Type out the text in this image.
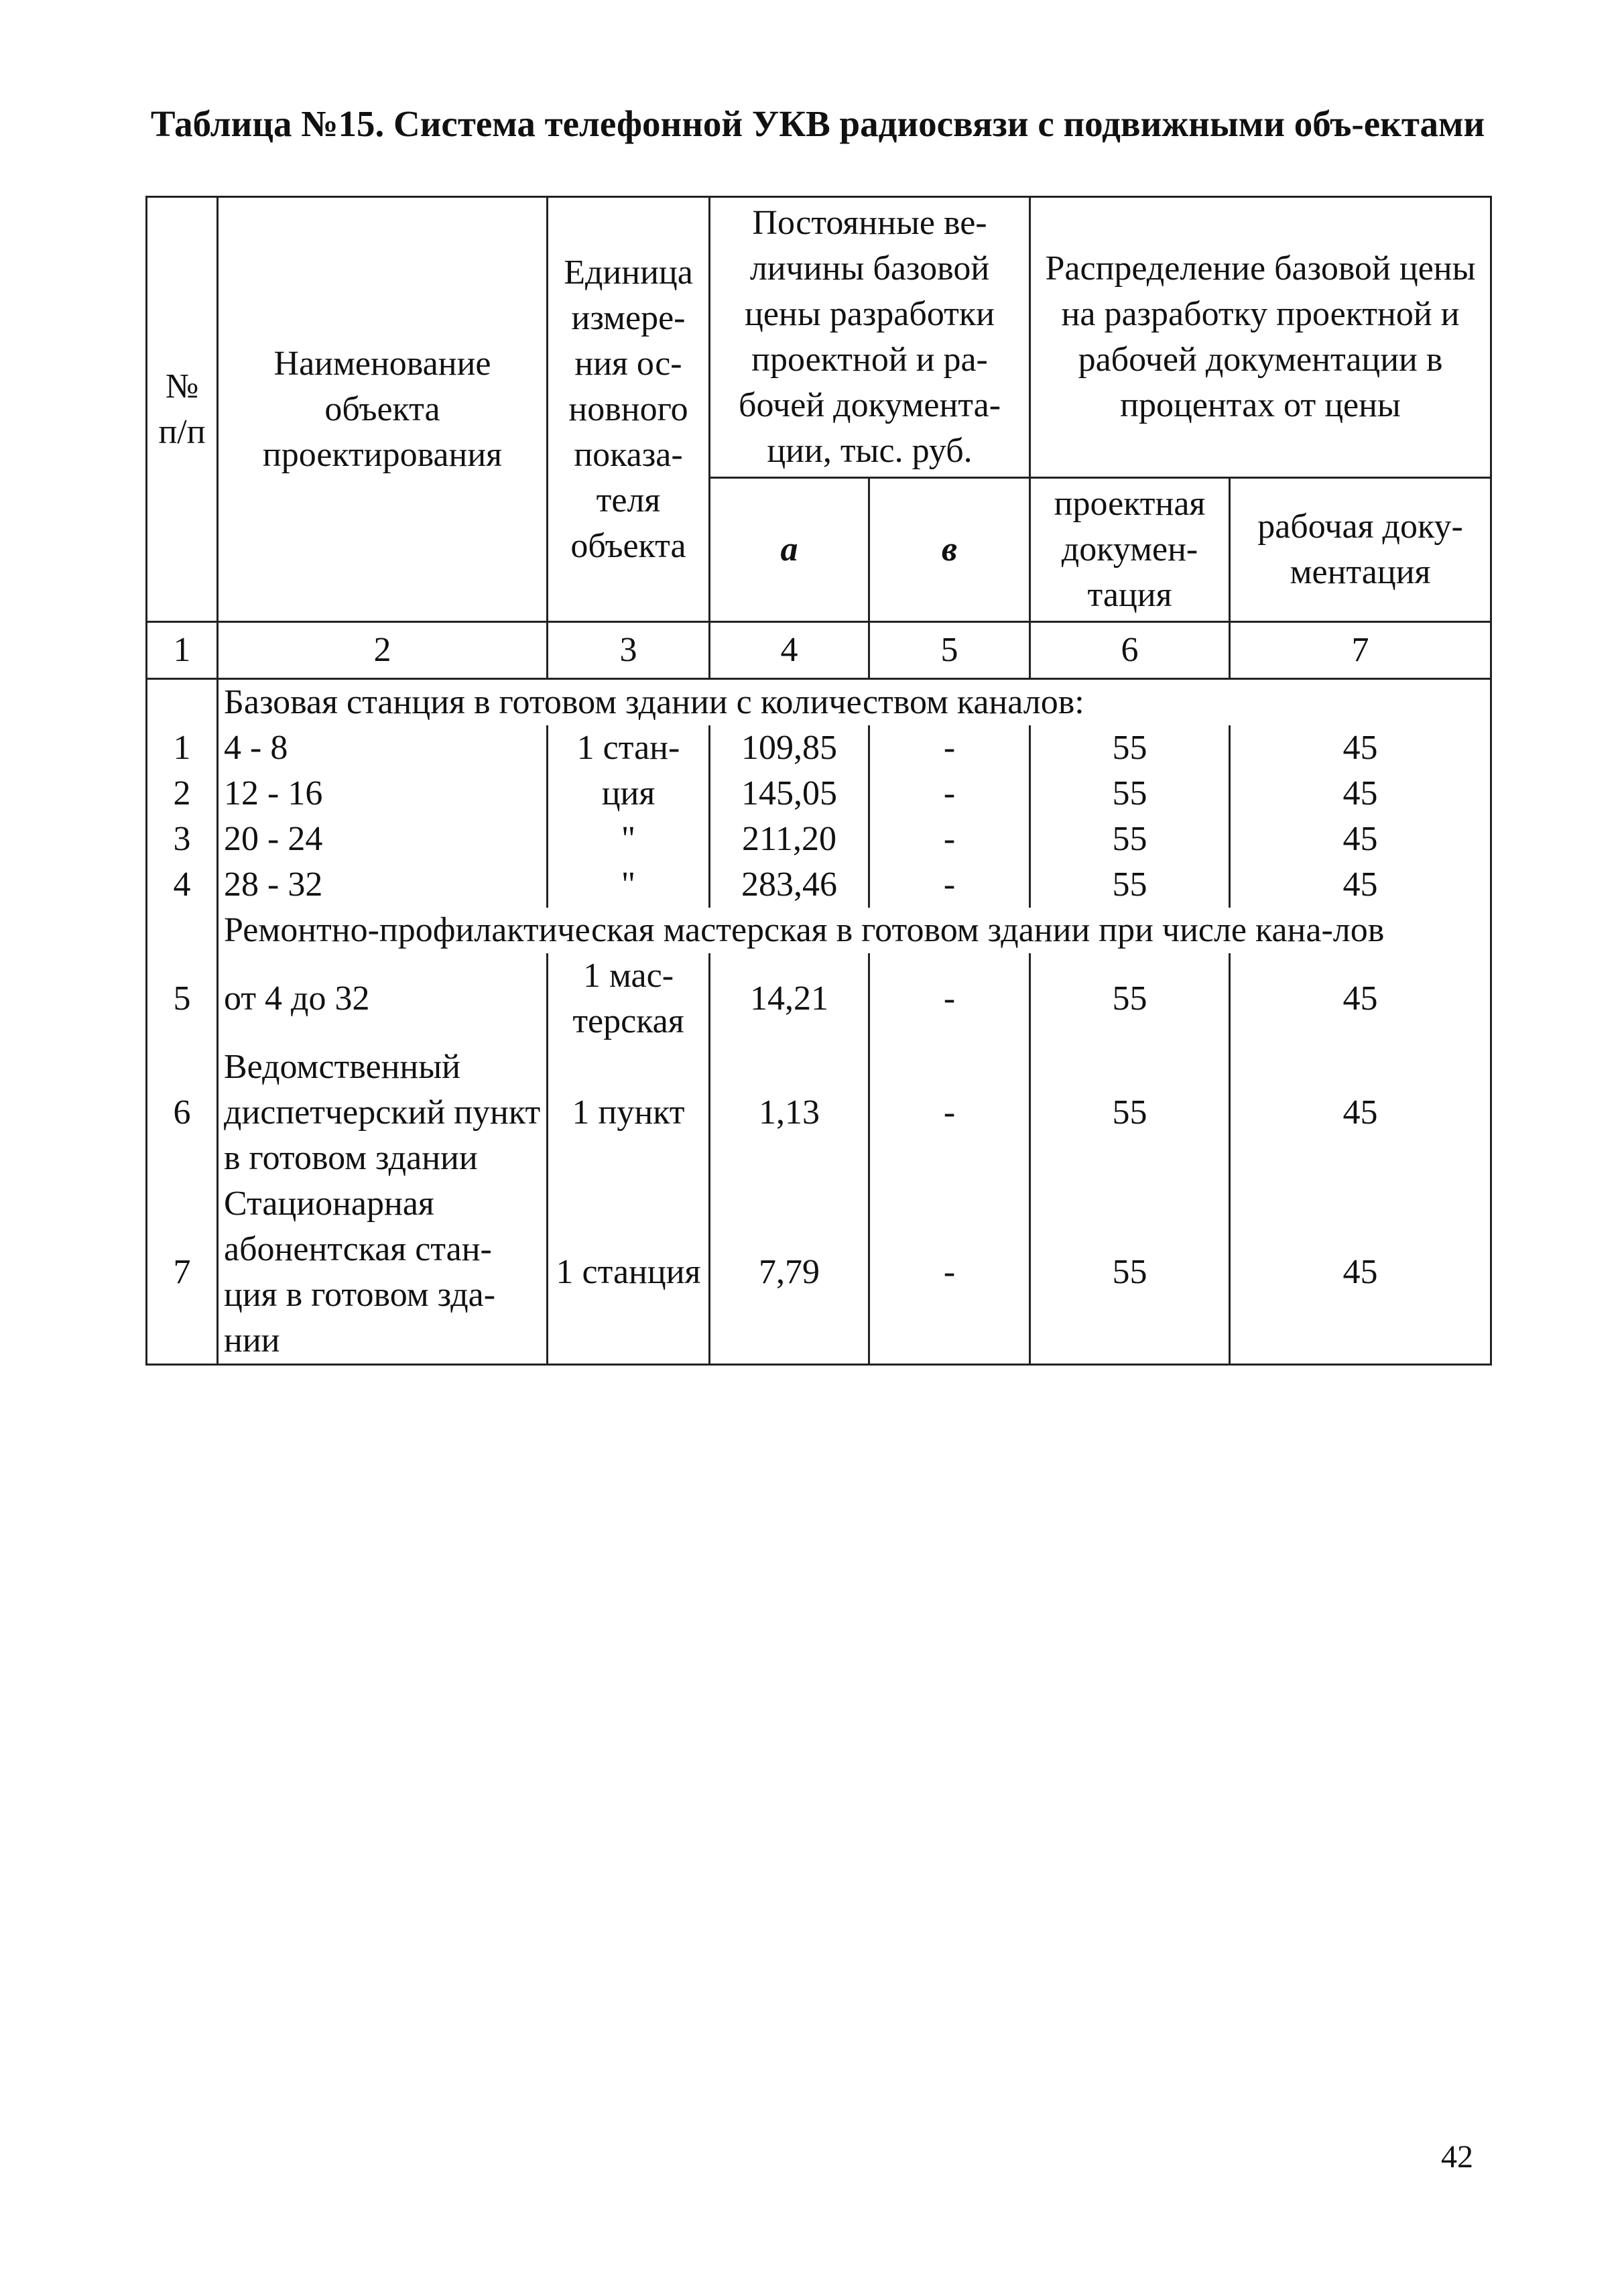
Таблица №15. Система телефонной УКВ радиосвязи с подвижными объ-ектами
№ п/п	Наименование объекта проектирования	Единица измере-ния ос-новного показа-теля объекта	Постоянные ве-личины базовой цены разработки проектной и ра-бочей документа-ции, тыс. руб.		Распределение базовой цены на разработку проектной и рабочей документации в процентах от цены	
			а	в	проектная докумен-тация	рабочая доку-ментация
1	2	3	4	5	6	7
	Базовая станция в готовом здании с количеством каналов:					
1	4 - 8	1 стан-	109,85	-	55	45
2	12 - 16	ция	145,05	-	55	45
3	20 - 24	"	211,20	-	55	45
4	28 - 32	"	283,46	-	55	45
	Ремонтно-профилактическая мастерская в готовом здании при числе кана-лов					
5	от 4 до 32	1 мас-терская	14,21	-	55	45
6	Ведомственный диспетчерский пункт в готовом здании	1 пункт	1,13	-	55	45
7	Стационарная абонентская стан-ция в готовом зда-нии	1 станция	7,79	-	55	45
42
